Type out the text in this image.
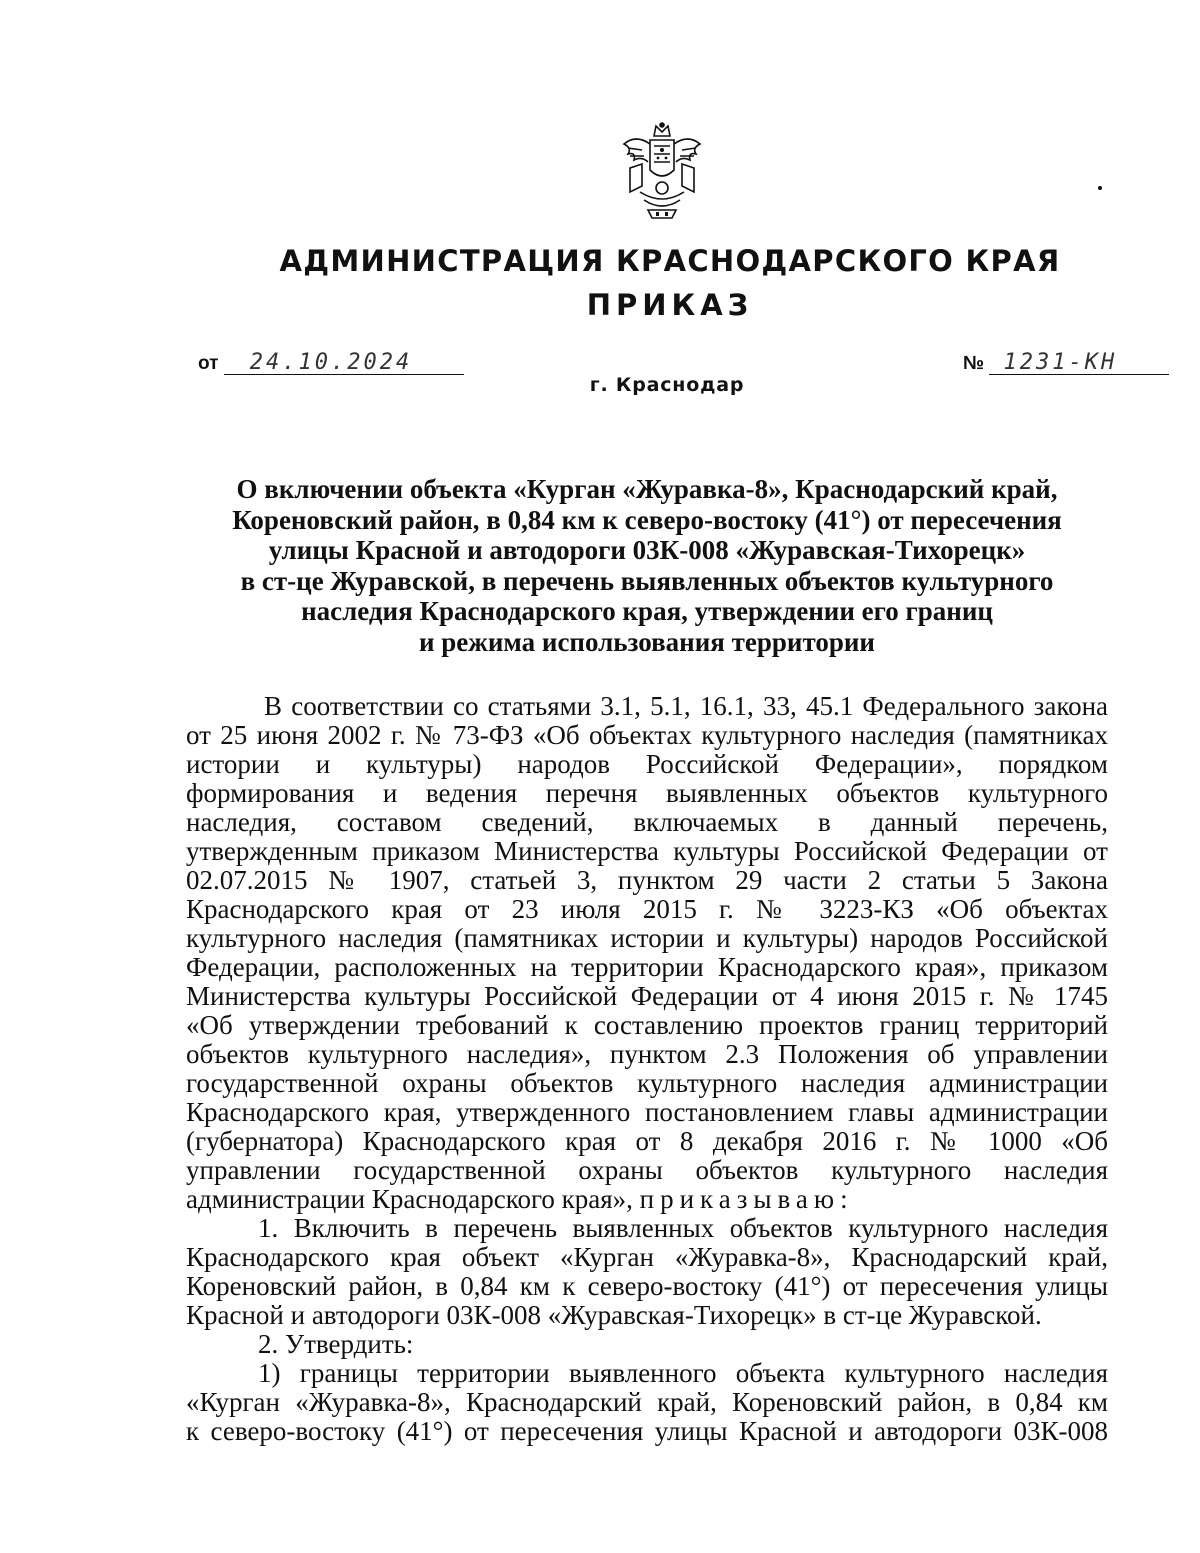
АДМИНИСТРАЦИЯ КРАСНОДАРСКОГО КРАЯ
ПРИКАЗ
от 24.10.2024	№ 1231-КН
г. Краснодар
О включении объекта «Курган «Журавка-8», Краснодарский край,
Кореновский район, в 0,84 км к северо-востоку (41°) от пересечения
улицы Красной и автодороги 03К-008 «Журавская-Тихорецк»
в ст-це Журавской, в перечень выявленных объектов культурного
наследия Краснодарского края, утверждении его границ
и режима использования территории
В соответствии со статьями 3.1, 5.1, 16.1, 33, 45.1 Федерального закона
от 25 июня 2002 г. № 73-ФЗ «Об объектах культурного наследия (памятниках
истории и культуры) народов Российской Федерации», порядком
формирования и ведения перечня выявленных объектов культурного
наследия, составом сведений, включаемых в данный перечень,
утвержденным приказом Министерства культуры Российской Федерации от
02.07.2015 № 1907, статьей 3, пунктом 29 части 2 статьи 5 Закона
Краснодарского края от 23 июля 2015 г. № 3223-КЗ «Об объектах
культурного наследия (памятниках истории и культуры) народов Российской
Федерации, расположенных на территории Краснодарского края», приказом
Министерства культуры Российской Федерации от 4 июня 2015 г. № 1745
«Об утверждении требований к составлению проектов границ территорий
объектов культурного наследия», пунктом 2.3 Положения об управлении
государственной охраны объектов культурного наследия администрации
Краснодарского края, утвержденного постановлением главы администрации
(губернатора) Краснодарского края от 8 декабря 2016 г. № 1000 «Об
управлении государственной охраны объектов культурного наследия
администрации Краснодарского края», приказываю:
1. Включить в перечень выявленных объектов культурного наследия
Краснодарского края объект «Курган «Журавка-8», Краснодарский край,
Кореновский район, в 0,84 км к северо-востоку (41°) от пересечения улицы
Красной и автодороги 03К-008 «Журавская-Тихорецк» в ст-це Журавской.
2. Утвердить:
1) границы территории выявленного объекта культурного наследия
«Курган «Журавка-8», Краснодарский край, Кореновский район, в 0,84 км
к северо-востоку (41°) от пересечения улицы Красной и автодороги 03К-008
